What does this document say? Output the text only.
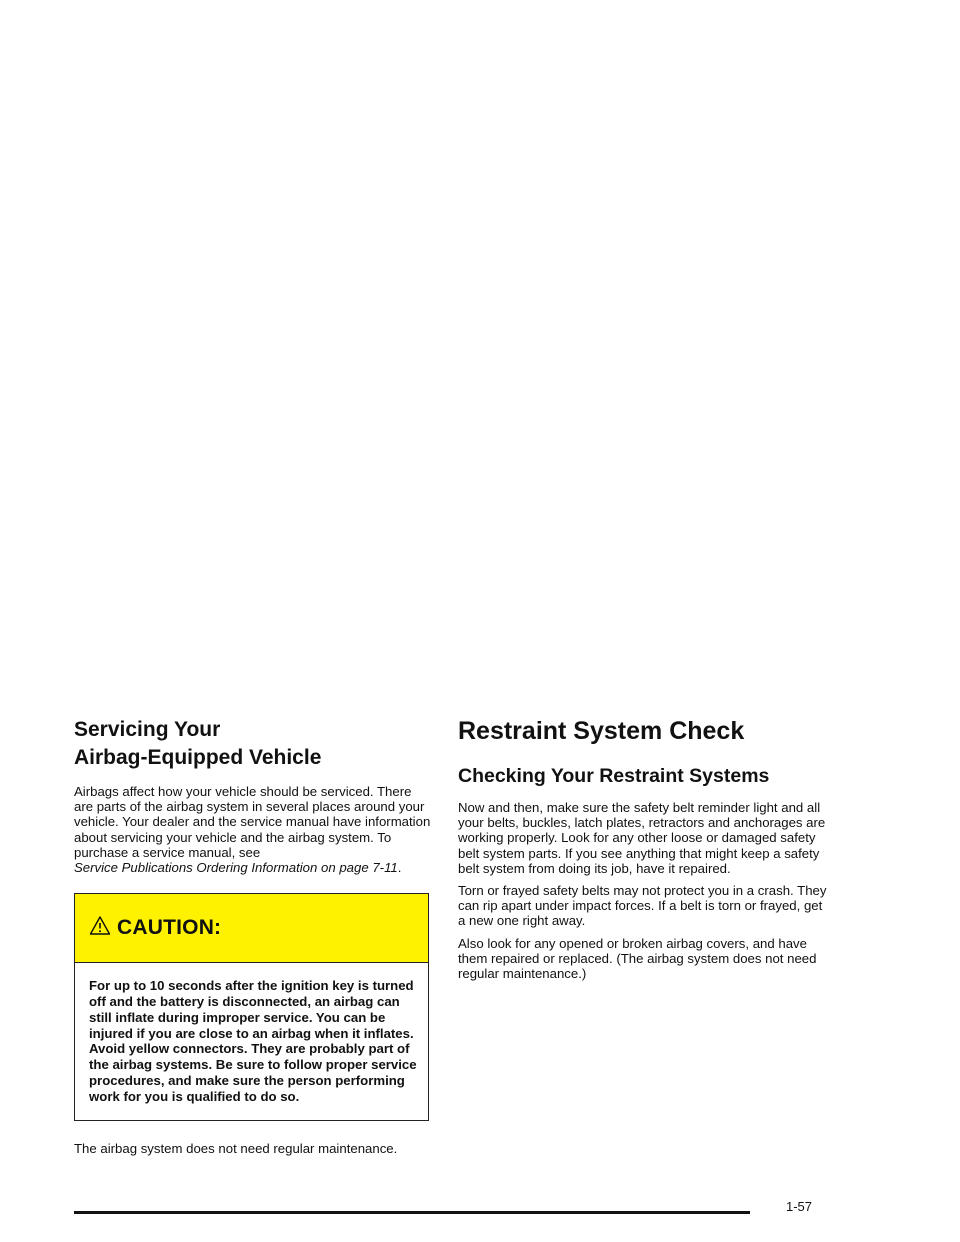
Servicing Your
Airbag-Equipped Vehicle

Airbags affect how your vehicle should be serviced. There are parts of the airbag system in several places around your vehicle. Your dealer and the service manual have information about servicing your vehicle and the airbag system. To purchase a service manual, see
Service Publications Ordering Information on page 7-11.

CAUTION:
For up to 10 seconds after the ignition key is turned off and the battery is disconnected, an airbag can still inflate during improper service. You can be injured if you are close to an airbag when it inflates. Avoid yellow connectors. They are probably part of the airbag systems. Be sure to follow proper service procedures, and make sure the person performing work for you is qualified to do so.

The airbag system does not need regular maintenance.

Restraint System Check
Checking Your Restraint Systems

Now and then, make sure the safety belt reminder light and all your belts, buckles, latch plates, retractors and anchorages are working properly. Look for any other loose or damaged safety belt system parts. If you see anything that might keep a safety belt system from doing its job, have it repaired.

Torn or frayed safety belts may not protect you in a crash. They can rip apart under impact forces. If a belt is torn or frayed, get a new one right away.

Also look for any opened or broken airbag covers, and have them repaired or replaced. (The airbag system does not need regular maintenance.)

1-57
